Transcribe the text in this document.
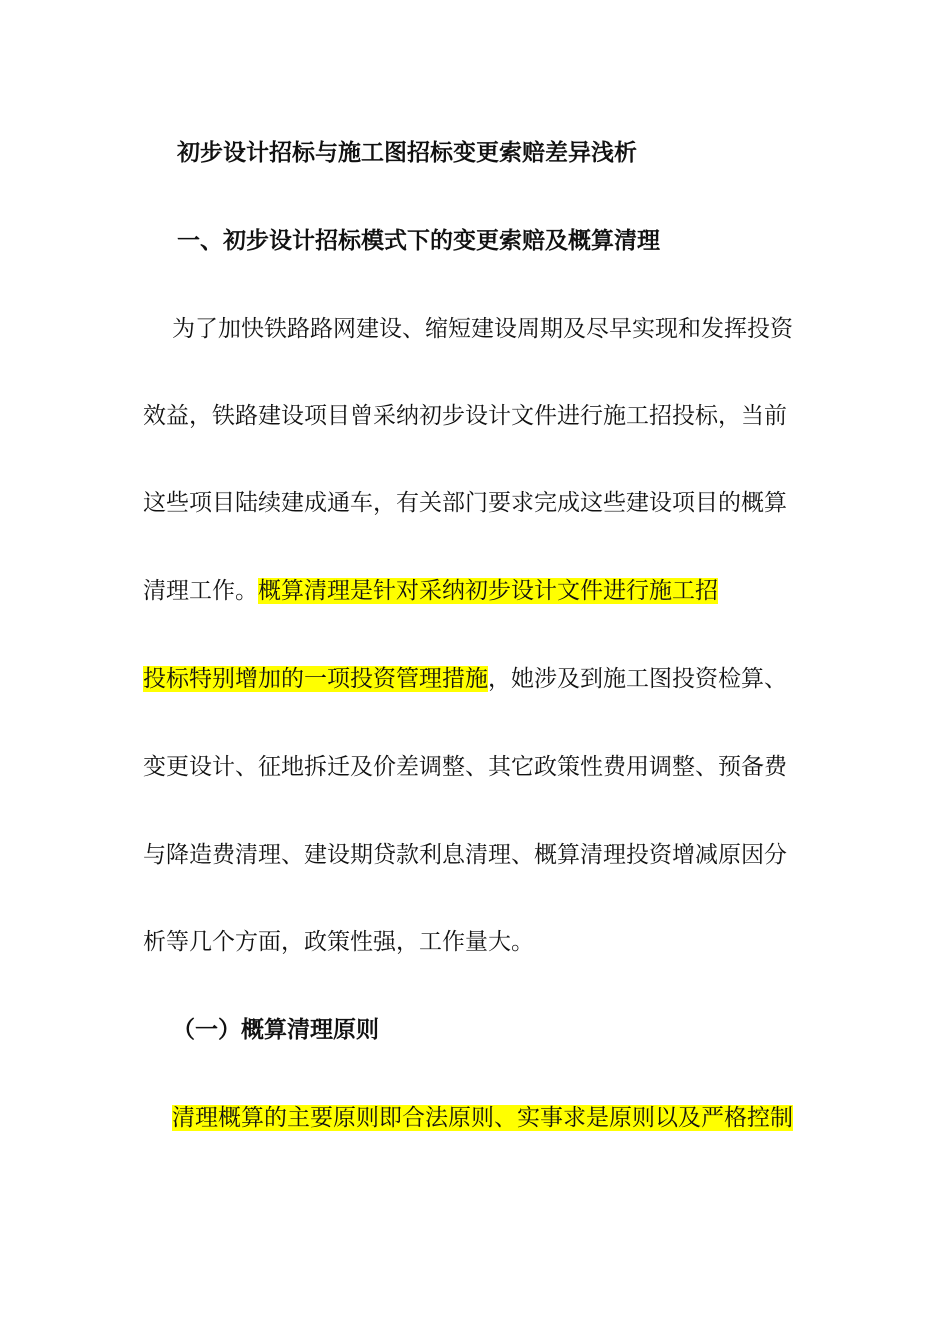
初步设计招标与施工图招标变更索赔差异浅析
一、初步设计招标模式下的变更索赔及概算清理
为了加快铁路路网建设、缩短建设周期及尽早实现和发挥投资
效益，铁路建设项目曾采纳初步设计文件进行施工招投标，当前
这些项目陆续建成通车，有关部门要求完成这些建设项目的概算
清理工作。概算清理是针对采纳初步设计文件进行施工招
投标特别增加的一项投资管理措施，她涉及到施工图投资检算、
变更设计、征地拆迁及价差调整、其它政策性费用调整、预备费
与降造费清理、建设期贷款利息清理、概算清理投资增减原因分
析等几个方面，政策性强，工作量大。
（一）概算清理原则
清理概算的主要原则即合法原则、实事求是原则以及严格控制
